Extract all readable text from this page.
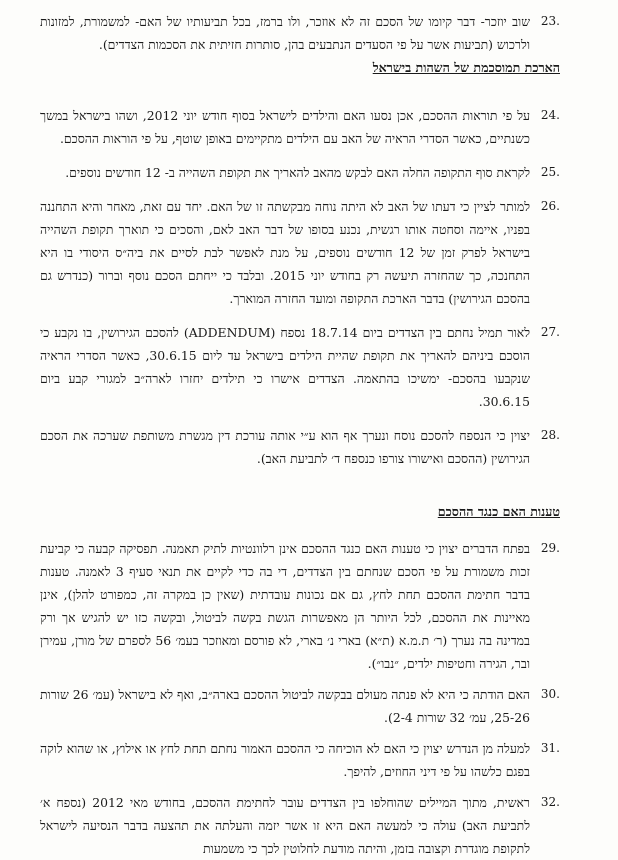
23.
שוב יוזכר- דבר קיומו של הסכם זה לא אוזכר, ולו ברמז, בכל תביעותיו של האם- למשמורת, למזונות ולרכוש (תביעות אשר על פי הסעדים הנתבעים בהן, סותרות חזיתית את הסכמות הצדדים).

הארכת תמוסכמת של השהות בישראל

24.
על פי תוראות ההסכם, אכן נסעו האם והילדים לישראל בסוף חודש יוני 2012, ושהו בישראל במשך כשנתיים, כאשר הסדרי הראיה של האב עם הילדים מתקיימים באופן שוטף, על פי הוראות ההסכם.

25.
לקראת סוף התקופה החלה האם לבקש מהאב להאריך את תקופת השהייה ב- 12 חודשים נוספים.

26.
למותר לציין כי דעתו של האב לא היתה נוחה מבקשתה זו של האם. יחד עם זאת, מאחר והיא התחננה בפניו, איימה וסחטה אותו רגשית, נכנע בסופו של דבר האב לאם, והסכים כי תוארך תקופת השהייה בישראל לפרק זמן של 12 חודשים נוספים, על מנת לאפשר לבת לסיים את ביה״ס היסודי בו היא התחנכה, כך שהחזרה תיעשה רק בחודש יוני 2015. ובלבד כי ייחתם הסכם נוסף וברור (כנדרש גם בהסכם הגירושין) בדבר הארכת התקופה ומועד החזרה המוארך.

27.
לאור תמיל נחתם בין הצדדים ביום 18.7.14 נספח (ADDENDUM) להסכם הגירושין, בו נקבע כי הוסכם ביניהם להאריך את תקופת שהיית הילדים בישראל עד ליום 30.6.15, כאשר הסדרי הראיה שנקבעו בהסכם- ימשיכו בהתאמה. הצדדים אישרו כי תילדים יחזרו לארה״ב למגורי קבע ביום 30.6.15.

28.
יצוין כי הנספח להסכם נוסח ונערך אף הוא ע״י אותה עורכת דין מגשרת משותפת שערכה את הסכם הגירושין (ההסכם ואישורו צורפו כנספח ד׳ לתביעת האב).

טענות האם כנגד ההסכם

29.
בפתח הדברים יצוין כי טענות האם כנגד ההסכם אינן רלוונטיות לתיק תאמנה. תפסיקה קבעה כי קביעת זכות משמורת על פי הסכם שנחתם בין הצדדים, די בה כדי לקיים את תנאי סעיף 3 לאמנה. טענות בדבר חתימת ההסכם תחת לחץ, גם אם נכונות עובדתית (שאין כן במקרה זה, כמפורט להלן), אינן מאיינות את ההסכם, לכל היותר הן מאפשרות הגשת בקשה לביטול, ובקשה כזו יש להגיש אך ורק במדינה בה נערך (ר׳ ת.מ.א (ת״א) בארי נ׳ בארי, לא פורסם ומאוזכר בעמ׳ 56 לספרם של מורן, עמירן ובר, הגירה וחטיפות ילדים, ״נבו״).

30.
האם הודתה כי היא לא פנתה מעולם בבקשה לביטול ההסכם בארה״ב, ואף לא בישראל (עמ׳ 26 שורות 25-26, עמ׳ 32 שורות 2-4).

31.
למעלה מן הנדרש יצוין כי האם לא הוכיחה כי ההסכם האמור נחתם תחת לחץ או אילוץ, או שהוא לוקה בפגם כלשהו על פי דיני החוזים, להיפך.

32.
ראשית, מתוך המיילים שהוחלפו בין הצדדים עובר לחתימת ההסכם, בחודש מאי 2012 (נספח א׳ לתביעת האב) עולה כי למעשה האם היא זו אשר יזמה והעלתה את תהצעה בדבר הנסיעה לישראל לתקופת מוגדרת וקצובה בזמן, והיתה מודעת לחלוטין לכך כי משמעות
